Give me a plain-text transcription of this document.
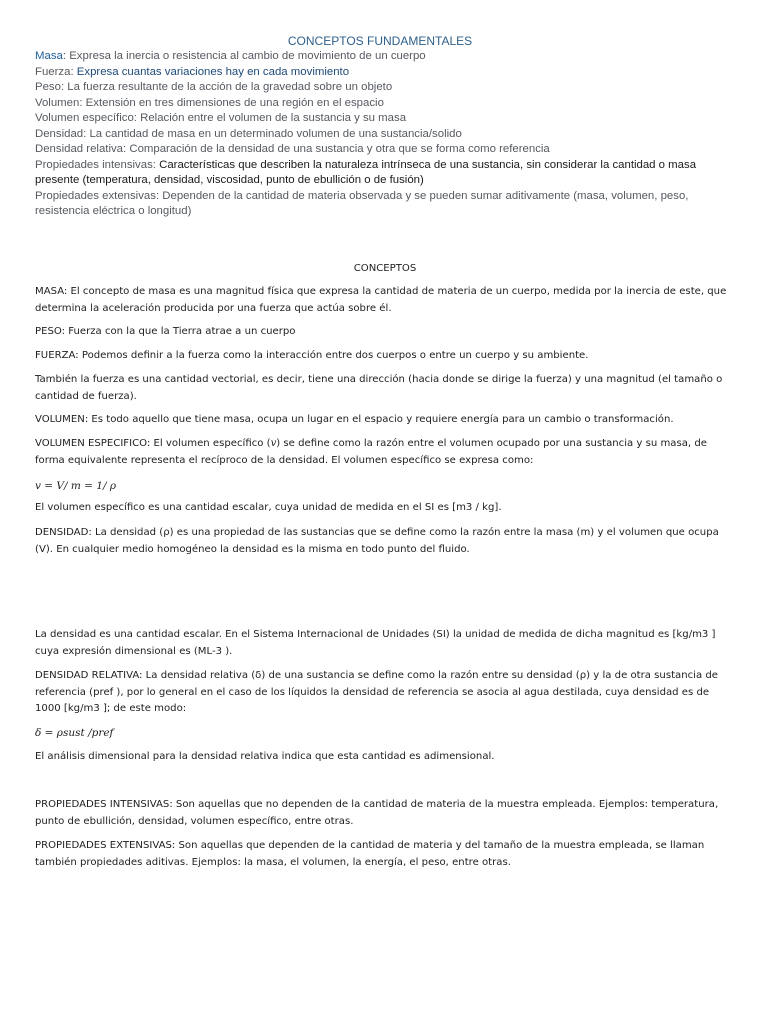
CONCEPTOS FUNDAMENTALES
Masa: Expresa la inercia o resistencia al cambio de movimiento de un cuerpo
Fuerza: Expresa cuantas variaciones hay en cada movimiento
Peso: La fuerza resultante de la acción de la gravedad sobre un objeto
Volumen: Extensión en tres dimensiones de una región en el espacio
Volumen específico: Relación entre el volumen de la sustancia y su masa
Densidad: La cantidad de masa en un determinado volumen de una sustancia/solido
Densidad relativa: Comparación de la densidad de una sustancia y otra que se forma como referencia
Propiedades intensivas: Características que describen la naturaleza intrínseca de una sustancia, sin considerar la cantidad o masa presente (temperatura, densidad, viscosidad, punto de ebullición o de fusión)
Propiedades extensivas: Dependen de la cantidad de materia observada y se pueden sumar aditivamente (masa, volumen, peso, resistencia eléctrica o longitud)
CONCEPTOS
MASA: El concepto de masa es una magnitud física que expresa la cantidad de materia de un cuerpo, medida por la inercia de este, que determina la aceleración producida por una fuerza que actúa sobre él.
PESO: Fuerza con la que la Tierra atrae a un cuerpo
FUERZA: Podemos definir a la fuerza como la interacción entre dos cuerpos o entre un cuerpo y su ambiente.
También la fuerza es una cantidad vectorial, es decir, tiene una dirección (hacia donde se dirige la fuerza) y una magnitud (el tamaño o cantidad de fuerza).
VOLUMEN: Es todo aquello que tiene masa, ocupa un lugar en el espacio y requiere energía para un cambio o transformación.
VOLUMEN ESPECIFICO: El volumen específico (v) se define como la razón entre el volumen ocupado por una sustancia y su masa, de forma equivalente representa el recíproco de la densidad. El volumen específico se expresa como:
v = V/ m = 1/ ρ
El volumen específico es una cantidad escalar, cuya unidad de medida en el SI es [m3 / kg].
DENSIDAD: La densidad (ρ) es una propiedad de las sustancias que se define como la razón entre la masa (m) y el volumen que ocupa (V). En cualquier medio homogéneo la densidad es la misma en todo punto del fluido.
La densidad es una cantidad escalar. En el Sistema Internacional de Unidades (SI) la unidad de medida de dicha magnitud es [kg/m3 ] cuya expresión dimensional es (ML-3 ).
DENSIDAD RELATIVA: La densidad relativa (δ) de una sustancia se define como la razón entre su densidad (ρ) y la de otra sustancia de referencia (pref ), por lo general en el caso de los líquidos la densidad de referencia se asocia al agua destilada, cuya densidad es de 1000 [kg/m3 ]; de este modo:
δ = ρsust /pref
El análisis dimensional para la densidad relativa indica que esta cantidad es adimensional.
PROPIEDADES INTENSIVAS: Son aquellas que no dependen de la cantidad de materia de la muestra empleada. Ejemplos: temperatura, punto de ebullición, densidad, volumen específico, entre otras.
PROPIEDADES EXTENSIVAS: Son aquellas que dependen de la cantidad de materia y del tamaño de la muestra empleada, se llaman también propiedades aditivas. Ejemplos: la masa, el volumen, la energía, el peso, entre otras.
